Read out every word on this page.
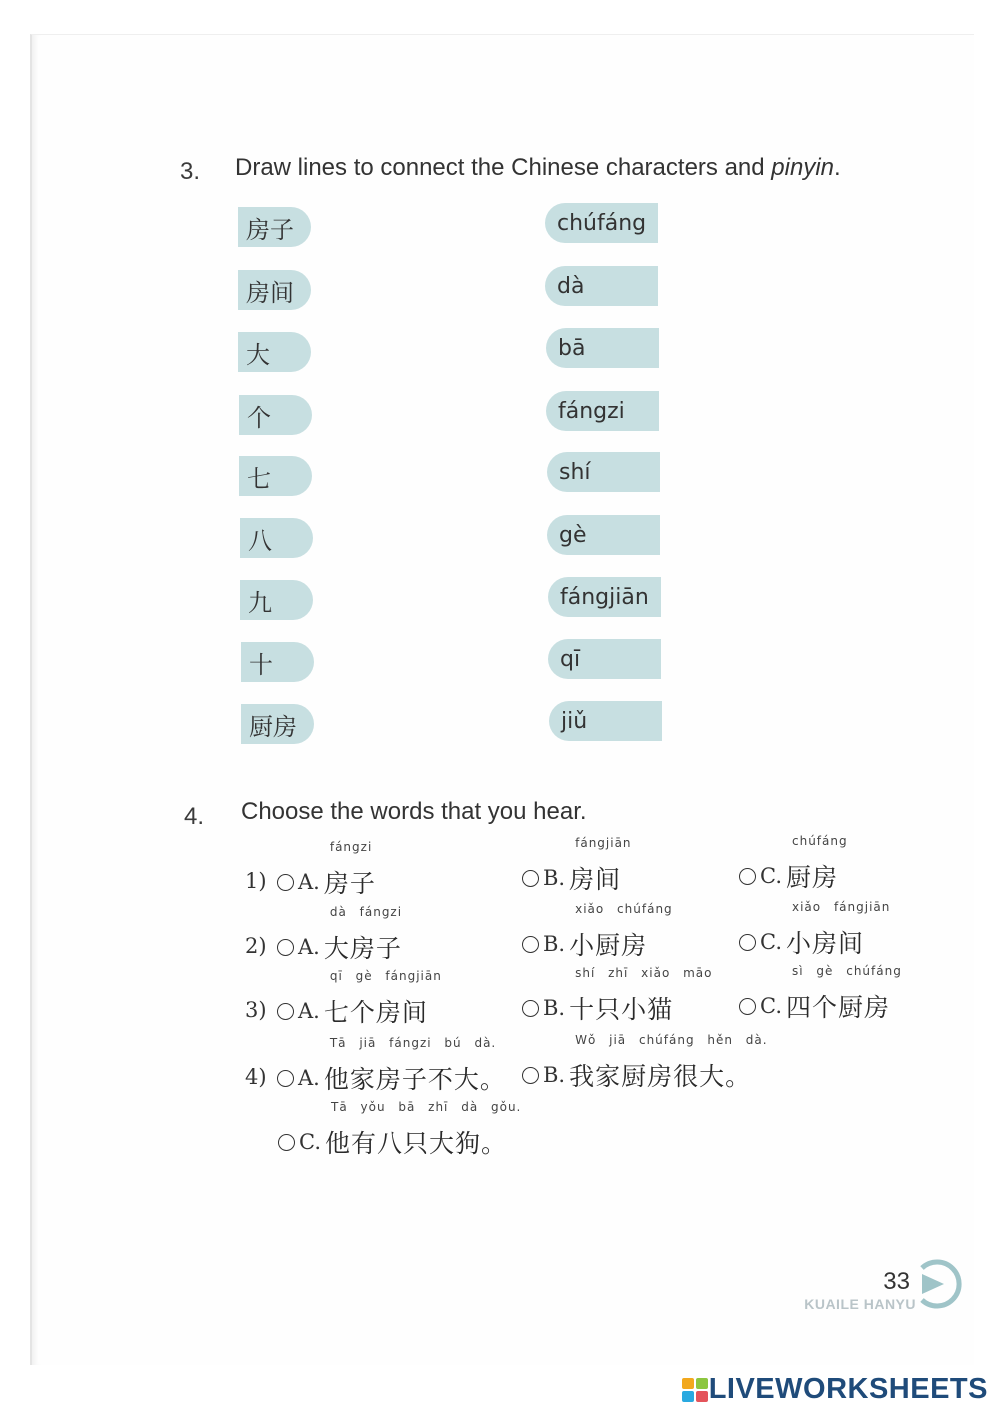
3. Draw lines to connect the Chinese characters and pinyin.
房子
房间
大
个
七
八
九
十
厨房
chúfáng
dà
bā
fángzi
shí
gè
fángjiān
qī
jiǔ
4. Choose the words that you hear.
1)	A.
fángzi
房子	B.
fángjiān
房间	C.
chúfáng
厨房
2)	A.
dà fángzi
大房子	B.
xiǎo chúfáng
小厨房	C.
xiǎo fángjiān
小房间
3)	A.
qī gè fángjiān
七个房间	B.
shí zhī xiǎo māo
十只小猫	C.
sì gè chúfáng
四个厨房
4)	A.
Tā jiā fángzi bú dà.
他家房子不大。	B.
Wǒ jiā chúfáng hěn dà.
我家厨房很大。
C.
Tā yǒu bā zhī dà gǒu.
他有八只大狗。
33
KUAILE HANYU
LIVEWORKSHEETS
